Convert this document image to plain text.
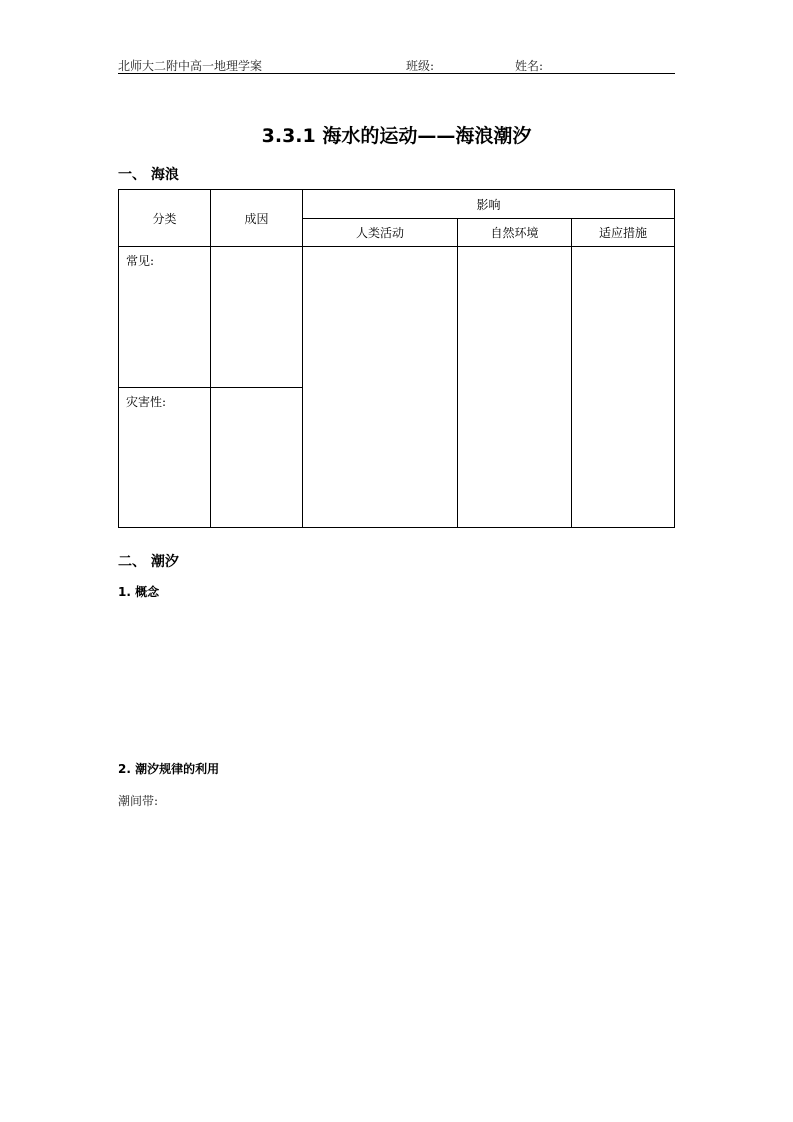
北师大二附中高一地理学案	班级:	姓名:
3.3.1 海水的运动——海浪潮汐
一、 海浪
分类	成因
影响
人类活动	自然环境	适应措施
常见:
灾害性:
二、 潮汐
1. 概念
2. 潮汐规律的利用
潮间带:
